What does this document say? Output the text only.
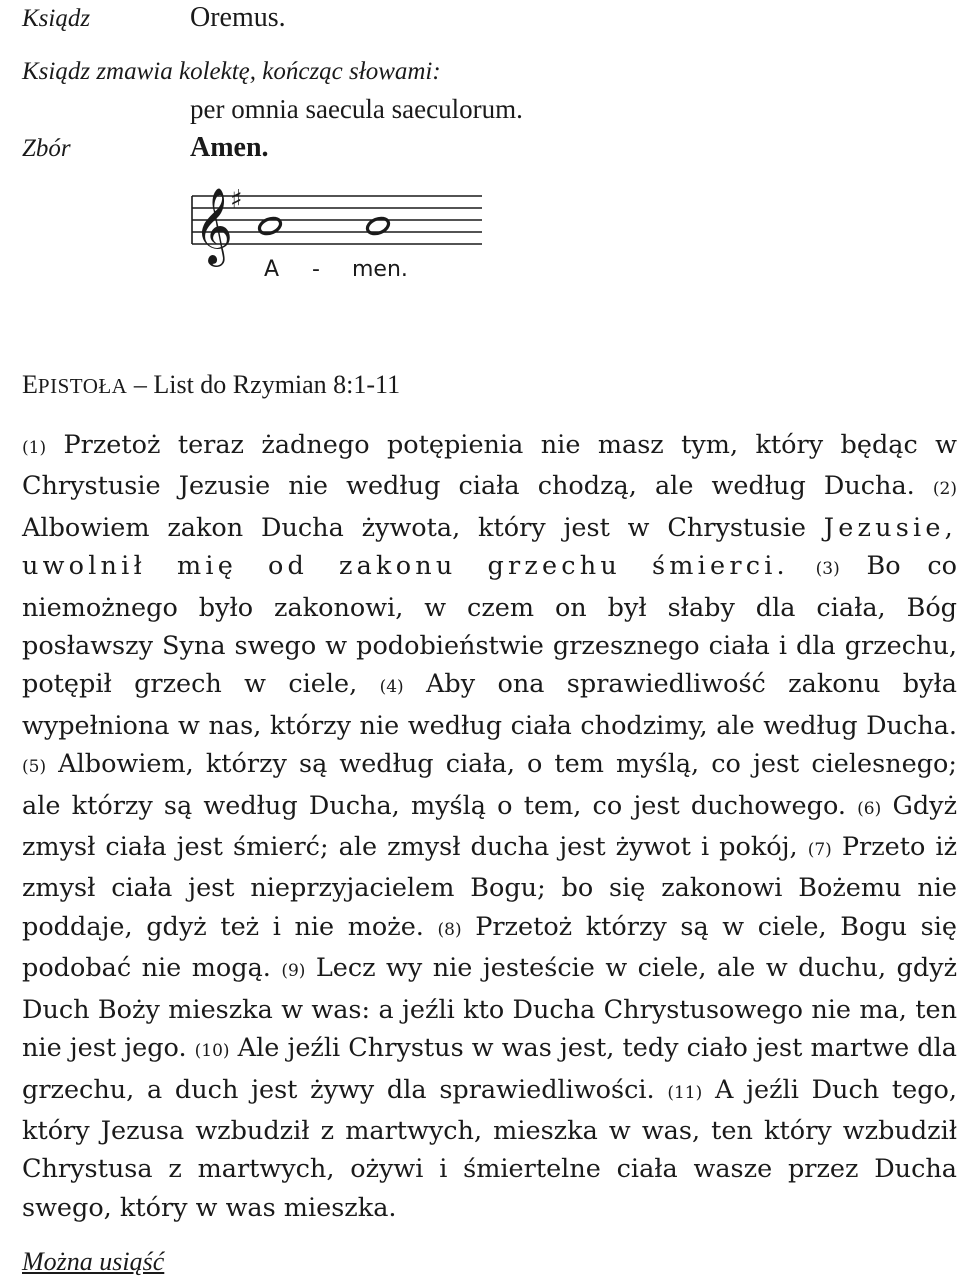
Ksiądz	Oremus.
Ksiądz zmawia kolektę, kończąc słowami:
per omnia saecula saeculorum.
Zbór	Amen.
𝄞
♯
A - men.
EPISTOŁA – List do Rzymian 8:1-11
(1) Przetoż teraz żadnego potępienia nie masz tym, który będąc w Chrystusie Jezusie nie według ciała chodzą, ale według Ducha. (2) Albowiem zakon Ducha żywota, który jest w Chrystusie Jezusie, uwolnił mię od zakonu grzechu śmierci. (3) Bo co niemożnego było zakonowi, w czem on był słaby dla ciała, Bóg posławszy Syna swego w podobieństwie grzesznego ciała i dla grzechu, potępił grzech w ciele, (4) Aby ona sprawiedliwość zakonu była wypełniona w nas, którzy nie według ciała chodzimy, ale według Ducha. (5) Albowiem, którzy są według ciała, o tem myślą, co jest cielesnego; ale którzy są według Ducha, myślą o tem, co jest duchowego. (6) Gdyż zmysł ciała jest śmierć; ale zmysł ducha jest żywot i pokój, (7) Przeto iż zmysł ciała jest nieprzyjacielem Bogu; bo się zakonowi Bożemu nie poddaje, gdyż też i nie może. (8) Przetoż którzy są w ciele, Bogu się podobać nie mogą. (9) Lecz wy nie jesteście w ciele, ale w duchu, gdyż Duch Boży mieszka w was: a jeźli kto Ducha Chrystusowego nie ma, ten nie jest jego. (10) Ale jeźli Chrystus w was jest, tedy ciało jest martwe dla grzechu, a duch jest żywy dla sprawiedliwości. (11) A jeźli Duch tego, który Jezusa wzbudził z martwych, mieszka w was, ten który wzbudził Chrystusa z martwych, ożywi i śmiertelne ciała wasze przez Ducha swego, który w was mieszka.
Można usiąść
